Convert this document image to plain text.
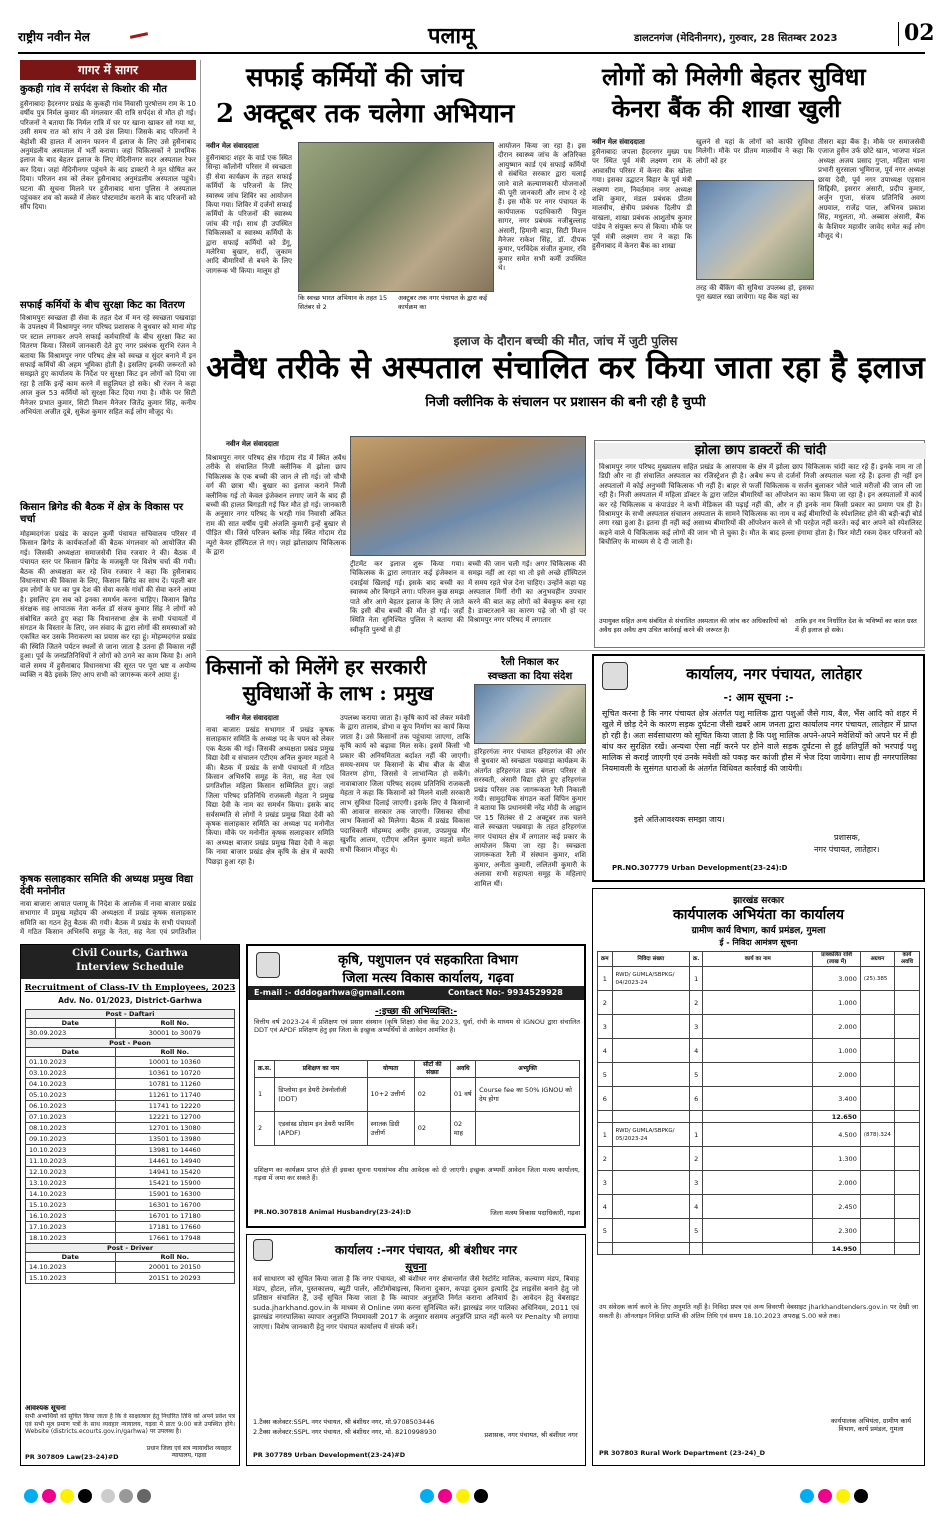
राष्ट्रीय नवीन मेल	पलामू	डालटनगंज (मेदिनीनगर), गुरुवार, 28 सितम्बर 2023	02
गागर में सागर
कुकही गांव में सर्पदंश से किशोर की मौत
हुसैनाबादः हैदरनगर प्रखंड के कुकही गांव निवासी पुरषोत्तम राम के 10 वर्षीय पुत्र निर्मल कुमार की मंगलवार की रात्रि सर्पदंश से मौत हो गई। परिजनों ने बताया कि निर्मल रात्रि में घर पर खाना खाकर सो गया था, उसी समय रात को सांप ने उसे डंस लिया। जिसके बाद परिजनों ने बेहोशी की हालत में आनन फानन में इलाज के लिए उसे हुसैनाबाद अनुमंडलीय अस्पताल में भर्ती कराया। जहां चिकित्सकों ने प्राथमिक इलाज के बाद बेहतर इलाज के लिए मेदिनीनगर सदर अस्पताल रेफर कर दिया। जहां मेदिनीनगर पहुंचने के बाद डाक्टरों ने मृत घोषित कर दिया। परिजन शव को लेकर हुसैनाबाद अनुमंडलीय अस्पताल पहुंचे। घटना की सूचना मिलने पर हुसैनाबाद थाना पुलिस ने अस्पताल पहुंचकर शव को कब्जे में लेकर पोस्टमार्टम कराने के बाद परिजनों को सौंप दिया।
सफाई कर्मियों के बीच सुरक्षा किट का वितरण
विश्रामपुरः स्वच्छता ही सेवा के तहत देश में मन रहे स्वच्छता पखवाड़ा के उपलक्ष्य में विश्रामपुर नगर परिषद प्रशासक ने बुधवार को माना मोड़ पर स्टाल लगाकर अपने सफाई कर्मचारियों के बीच सुरक्षा किट का वितरण किया। जिसमें जानकारी देते हुए नगर प्रबंधक सुरभि रंजन ने बताया कि विश्रामपुर नगर परिषद क्षेत्र को स्वच्छ व सुंदर बनाने में इन सफाई कर्मियों की अहम भूमिका होती है। इसलिए इनकी जरूरतों को समझते हुए कार्यालय के निर्देश पर सुरक्षा किट इन लोगों को दिया जा रहा है ताकि इन्हें काम करने में सहूलियत हो सके। श्री रंजन ने कहा आज कुल 53 कर्मियों को सुरक्षा किट दिया गया है। मौके पर सिटी मैनेजर प्रभात कुमार, सिटी मिशन मैनेजर जितेंद्र कुमार सिंह, कनीय अभियंता अजीत दूबे, सुकेश कुमार सहित कई लोग मौजूद थे।
किसान ब्रिगेड की बैठक में क्षेत्र के विकास पर चर्चा
मोहम्मदगंजः प्रखंड के कादल कुर्मी पंचायत सचिवालय परिसर में किसान ब्रिगेड के कार्यकर्ताओं की बैठक मंगलवार को आयोजित की गई। जिसकी अध्यक्षता समाजसेवी शिव रजवार ने की। बैठक में पंचायत स्तर पर किसान ब्रिगेड के मजबूती पर विशेष चर्चा की गयी। बैठक की अध्यक्षता कर रहे शिव रजवार ने कहा कि हुसैनाबाद विधानसभा की विकास के लिए, किसान ब्रिगेड का साथ दें। पहली बार हम लोगों के घर का पुत्र देश की सेवा करके गांवों की सेवा करने आया है। इसलिए हम सब को इनका समर्थन करना चाहिए। किसान ब्रिगेड संरक्षक सह आपातक नेता कर्नल डॉ संजय कुमार सिंह ने लोगों को संबोधित करते हुए कहा कि विधानसभा क्षेत्र के सभी पंचायतों में संगठन के विस्तार के लिए, जन संवाद के द्वारा लोगों की समस्याओं को एकत्रित कर उसके निराकरण का प्रयास कर रहा हूं। मोहम्मदगंज प्रखंड की स्थिति जितने पर्यटन स्थलों से जाना जाता है उतना ही विकास नहीं हुआ। पूर्व के जनप्रतिनिधियों ने लोगों को ठगने का काम किया है। आने वाले समय में हुसैनाबाद विधानसभा की सूरत पर पूरा भ्रष्ट व अयोग्य व्यक्ति न बैठे इसके लिए आप सभी को जागरूक करने आया हूं।
कृषक सलाहकार समिति की अध्यक्ष प्रमुख विद्या देवी मनोनीत
नावा बाजारः आयात पलामू के निदेश के आलोक में नावा बाजार प्रखंड सभागार में प्रमुख महोदय की अध्यक्षता में प्रखंड कृषक सलाहकार समिति का गठन हेतु बैठक की गयी। बैठक में प्रखंड के सभी पंचायतों में गठित किसान अभिरुचि समूह के नेता, सह नेता एवं प्रगतिशील
सफाई कर्मियों की जांच
2 अक्टूबर तक चलेगा अभियान
नवीन मेल संवाददाता
हुसैनाबादः शहर के वार्ड एक स्थित सिन्हा कॉलोनी परिसर में स्वच्छता ही सेवा कार्यक्रम के तहत सफाई कर्मियों के परिजनों के लिए स्वास्थ्य जांच शिविर का आयोजन किया गया। शिविर में दर्जनों सफाई कर्मियों के परिजनों की स्वास्थ्य जांच की गई। साथ ही उपस्थित चिकित्सकों व स्वास्थ्य कर्मियों के द्वारा सफाई कर्मियों को डेंगू, मलेरिया बुखार, सर्दी, जुकाम आदि बीमारियों से बचने के लिए जागरूक भी किया। मालूम हो
कि स्वच्छ भारत अभियान के तहत 15 सितंबर से 2
अक्टूबर तक नगर पंचायत के द्वारा कई कार्यक्रम का
आयोजन किया जा रहा है। इस दौरान स्वास्थ्य जांच के अतिरिक्त आयुष्मान कार्ड एवं सफाई कर्मियों से संबंधित सरकार द्वारा चलाई जाने वाले कल्याणकारी योजनाओं की पूरी जानकारी और लाभ दे रहे हैं। इस मौके पर नगर पंचायत के कार्यपालक पदाधिकारी विपुल सागर, नगर प्रबंधक नजीबुल्लाह अंसारी, हिमानी बाड़ा, सिटी मिशन मैनेजर राकेश सिंह, डॉ. दीपक कुमार, परविंदेक संजीत कुमार, रवि कुमार समेत सभी कर्मी उपस्थित थे।
लोगों को मिलेगी बेहतर सुविधा
केनरा बैंक की शाखा खुली
नवीन मेल संवाददाता
हुसैनाबादः जपला हैदरनगर मुख्य पथ पर स्थित पूर्व मंत्री लक्ष्मण राम के आवासीय परिसर में केनरा बैंक खोला गया। इसका उद्घाटन बिहार के पूर्व मंत्री लक्ष्मण राम, निवर्तमान नगर अध्यक्ष शशि कुमार, मंडल प्रबंधक प्रीतम मालवीय, क्षेत्रीय प्रबंधक दिलीप डी वाखला, शाखा प्रबंधक आशुतोष कुमार पांडेय ने संयुक्त रूप से किया। मौके पर पूर्व मंत्री लक्ष्मण राम ने कहा कि हुसैनाबाद में केनरा बैंक का शाखा
खुलने से यहां के लोगों को काफी सुविधा मिलेगी। मौके पर प्रीतम मालवीय ने कहा कि लोगों को हर
तरह की बैंकिंग की सुविधा उपलब्ध हो, इसका पूरा ख्याल रखा जायेगा। यह बैंक यहां का
तीसरा बड़ा बैंक है। मौके पर समाजसेवी एजाज हुसैन उर्फ छोटे खान, भाजपा मंडल अध्यक्ष अजय प्रसाद गुप्ता, महिला थाना प्रभारी सुरसाला भूमिराज, पूर्व नगर अध्यक्ष छाया देवी, पूर्व नगर उपाध्यक्ष एहसान सिद्दिकी, इसरार अंसारी, प्रदीप कुमार, अर्जुन गुप्ता, संजय प्रतिनिधि अवण अग्रवाल, राजेंद्र पाल, अभिनव प्रकाश सिंह, मधुलता, मो. अब्बास अंसारी, बैंक के कैशियर महावीर जावेद समेत कई लोग मौजूद थे।
इलाज के दौरान बच्ची की मौत, जांच में जुटी पुलिस
अवैध तरीके से अस्पताल संचालित कर किया जाता रहा है इलाज
निजी क्लीनिक के संचालन पर प्रशासन की बनी रही है चुप्पी
नवीन मेल संवाददाता
विश्रामपुरः नगर परिषद क्षेत्र गोदाम रोड में स्थित अवैध तरीके से संचालित निजी क्लीनिक में झोला छाप चिकित्सक के एक बच्ची की जान ले ली गई। जो चौथी वर्ग की छात्रा थी। बुखार का इलाज कराने निजी क्लीनिक गई तो केवल इंजेक्शन लगाए जाने के बाद ही बच्ची की हालत बिगड़ती गई फिर मौत हो गई। जानकारी के अनुसार नगर परिषद के भरही गांव निवासी अंकित राम की सात वर्षीय पुत्री अंजलि कुमारी इन्हें बुखार से पीड़ित थी। जिसे परिजन ब्लॉक मोड़ स्थित गोदाम रोड न्यूरो केयर हॉस्पिटल ले गए। जहां झोलाछाप चिकित्सक के द्वारा
ट्रीटमेंट कर इलाज शुरू किया गया। चिकित्सक के द्वारा लगातार कई इंजेक्शन व दवाईयां खिलाई गई। इसके बाद बच्ची का स्वास्थ्य और बिगड़ने लगा। परिजन कुछ समझ पाते और आगे बेहतर इलाज के लिए ले जाते कि इसी बीच बच्ची की मौत हो गई। जहाँ स्थिति नेता सुनिश्चित पुलिस ने बताया की स्वीकृति पुरुषों से ही
बच्ची की जान चली गई। अगर चिकित्सक की समझ नहीं आ रहा था तो इसे अच्छे हॉस्पिटल में समय रहते भेज देना चाहिए। उन्होंने कहा यह अस्पताल मिर्गी रोगी का अनुभवहीन उपचार करने की बात कह लोगों को बेवकूफ बना रहा है। डाक्टरआने का कारण पढ़े जो भी हो पर विश्रामपुर नगर परिषद में लगातार
झोला छाप डाक्टरों की चांदी
विश्रामपुर नगर परिषद मुख्यालय सहित प्रखंड के आसपास के क्षेत्र में झोला छाप चिकित्सक चांदी काट रहे हैं। इनके नाम ना तो डिग्री और ना ही संचालित अस्पताल का रजिस्ट्रेशन ही है। अबैध रूप से दर्जनों निजी अस्पताल चला रहे हैं। इतना ही नहीं इन अस्पतालों में कोई अनुभवी चिकित्सक भी नहीं है। बाहर से फर्जी चिकित्सक व सर्जन बुलाकर भोले भाले मरीजों की जान ली जा रही है। निजी अस्पताल में महिला डॉक्टर के द्वारा जटिल बीमारियों का ऑपरेशन का काम किया जा रहा है। इन अस्पतालों में कार्य कर रहे चिकित्सक व कंपाउंडर ने कभी मेडिकल की पढ़ाई नहीं की, और न ही इनके नाम किसी प्रकार का प्रमाण पत्र ही है। विश्रामपुर के सभी अस्पताल संचालन अस्पताल के सामने चिकित्सक का नाम व कई बीमारियों के स्पेशलिस्ट होने की बड़ी-बड़ी बोर्ड लगा रखा हुआ है। इतना ही नहीं कई असाध्य बीमारियों की ऑपरेशन करने से भी परहेज नहीं करते। कई बार अपने को स्पेशलिस्ट कहने वाले ये चिकित्सक कई लोगों की जान भी ले चुका है। मौत के बाद हल्ला हंगामा होता है। फिर मोटी रकम देकर परिजनों को बिचौलिए के माध्यम से दे दी जाती है।
उपायुक्त सहित अन्य संबंधित से संचालित अस्पताल की जांच कर अधिकारियों को अवैध इस अवैध क्षय उचित कार्रवाई करने की जरूरत है।
ताकि इन नव निर्धारित देश के भविष्यों का काल ग्रस्त में ही इलाज हो सके।
किसानों को मिलेंगे हर सरकारी
सुविधाओं के लाभ : प्रमुख
नवीन मेल संवाददाता
नावा बाजारः प्रखंड सभागार में प्रखंड कृषक सलाहकार समिति के अध्यक्ष पद के चयन को लेकर एक बैठक की गई। जिसकी अध्यक्षता प्रखंड प्रमुख विद्या देवी व संचालन एटीएम अनिल कुमार महतो ने की। बैठक में प्रखंड के सभी पंचायतों में गठित किसान अभिरुचि समूह के नेता, सह नेता एवं प्रगतिशील महिला किसान सम्मिलित हुए। जहां जिला परिषद प्रतिनिधि राजकली मेहता ने प्रमुख विद्या देवी के नाम का समर्थन किया। इसके बाद सर्वसम्मति से लोगों ने प्रखंड प्रमुख विद्या देवी को कृषक सलाहकार समिति का अध्यक्ष पद मनोनीत किया। मौके पर मनोनीत कृषक सलाहकार समिति का अध्यक्ष बाजार प्रखंड प्रमुख विद्या देवी ने कहा कि नावा बाजार प्रखंड क्षेत्र कृषि के क्षेत्र में काफी पिछड़ा हुआ रहा है।
उपलब्ध कराया जाता है। कृषि कार्य को लेकर मवेशी के द्वारा तालाब, डोभा व कूप निर्माण का कार्य किया जाता है। उसे किसानों तक पहुंचाया जाएगा, ताकि कृषि कार्य को बढ़ावा मिल सके। इसमें किसी भी प्रकार की अनियमितता बर्दाश्त नहीं की जाएगी। समय-समय पर किसानों के बीच बीज के बीज वितरण होगा, जिससे वे लाभान्वित हो सकेंगे। नावाबाजार जिला परिषद सदस्य प्रतिनिधि राजकली मेहता ने कहा कि किसानों को मिलने वाली सरकारी लाभ सुविधा दिलाई जाएगी। इसके लिए वे किसानों की आवाज सरकार तक जाएगी। जिसका सीधा लाभ किसानों को मिलेगा। बैठक में प्रखंड विकास पदाधिकारी मोहम्मद अमीर हमजा, उपप्रमुख मीर खुर्शीद आलम, एटीएम अनिल कुमार महतो समेत सभी किसान मौजूद थे।
रैली निकाल कर
स्वच्छता का दिया संदेश
हरिहरगंजः नगर पंचायत हरिहरगंज की ओर से बुधवार को स्वच्छता पखवाड़ा कार्यक्रम के अंतर्गत हरिहरगंज डाक बंगला परिसर से सरस्वती, अंसारी विद्या होते हुए हरिहरगंज प्रखंड परिसर तक जागरूकता रैली निकाली गयी। सामुदायिक संगठन कर्ता विपिन कुमार ने बताया कि प्रधानमंत्री नरेंद्र मोदी के आह्वान पर 15 सितंबर से 2 अक्टूबर तक चलने वाले स्वच्छता पखवाड़ा के तहत हरिहरगंज नगर पंचायत क्षेत्र में लगातार कई प्रकार के आयोजन किया जा रहा है। स्वच्छता जागरूकता रैली में संस्थान कुमार, शशि कुमार, अनीता कुमारी, ललितमी कुमारी के अलावा सभी सहायता समूह के महिलाएं शामिल थीं।
कार्यालय, नगर पंचायत, लातेहार
-: आम सूचना :-
सूचित करना है कि नगर पंचायत क्षेत्र अंतर्गत पशु मालिक द्वारा पशुओं जैसे गाय, बैल, भैंस आदि को शहर में खुले में छोड़ देने के कारण सड़क दुर्घटना जैसी खबरें आम जनता द्वारा कार्यालय नगर पंचायत, लातेहार में प्राप्त हो रही है। अतः सर्वसाधारण को सूचित किया जाता है कि पशु मालिक अपने-अपने मवेशियों को अपने घर में ही बांध कर सुरक्षित रखें। अन्यथा ऐसा नहीं करने पर होने वाले सड़क दुर्घटना से हुई क्षतिपूर्ति को भरपाई पशु मालिक से कराई जाएगी एवं उनके मवेशी को पकड़ कर कांजी हौस में भेज दिया जायेगा। साथ ही नगरपालिका नियमावली के सुसंगत धाराओं के अंतर्गत विधिवत कार्रवाई की जायेगी।
इसे अतिआवश्यक समझा जाय।
प्रशासक,
नगर पंचायत, लातेहार।
PR.NO.307779 Urban Development(23-24):D
झारखंड सरकार
कार्यपालक अभियंता का कार्यालय
ग्रामीण कार्य विभाग, कार्य प्रमंडल, गुमला
ई - निविदा आमंत्रण सूचना
क्रम	निविदा संख्या	क्र.	कार्य का नाम	प्राक्कलित राशि (लाख में)	अग्रधन	कार्य अवधि
1	RWD/ GUMLA/SBPKG/ 04/2023-24	1		3.000	(25).385	
2		2		1.000		
3		3		2.000		
4		4		1.000		
5		5		2.000		
6		6		3.400		
				12.650		
1	RWD/ GUMLA/SBPKG/ 05/2023-24	1		4.500	(878).324	
2		2		1.300		
3		3		2.000		
4		4		2.450		
5		5		2.300		
				14.950		
उप संवेदक कार्य करने के लिए अनुमति नहीं है। निविदा प्रपत्र एवं अन्य विवरणी वेबसाइट jharkhandtenders.gov.in पर देखी जा सकती है। ऑनलाइन निविदा प्राप्ति की अंतिम तिथि एवं समय 18.10.2023 अपराह्न 5.00 बजे तक।
कार्यपालक अभियंता, ग्रामीण कार्य विभाग, कार्य प्रमंडल, गुमला
PR 307803 Rural Work Department (23-24)_D
Civil Courts, Garhwa
Interview Schedule
Recruitment of Class-IV th Employees, 2023
Adv. No. 01/2023, District-Garhwa
Post - Daftari	
Date	Roll No.
30.09.2023	30001 to 30079
Post - Peon	
Date	Roll No.
01.10.2023	10001 to 10360
03.10.2023	10361 to 10720
04.10.2023	10781 to 11260
05.10.2023	11261 to 11740
06.10.2023	11741 to 12220
07.10.2023	12221 to 12700
08.10.2023	12701 to 13080
09.10.2023	13501 to 13980
10.10.2023	13981 to 14460
11.10.2023	14461 to 14940
12.10.2023	14941 to 15420
13.10.2023	15421 to 15900
14.10.2023	15901 to 16300
15.10.2023	16301 to 16700
16.10.2023	16701 to 17180
17.10.2023	17181 to 17660
18.10.2023	17661 to 17948
Post - Driver	
Date	Roll No.
14.10.2023	20001 to 20150
15.10.2023	20151 to 20293
आवश्यक सूचना
सभी अभ्यर्थियों को सूचित किया जाता है कि वे साक्षात्कार हेतु निर्धारित तिथि को अपने प्रवेश पत्र एवं सभी मूल प्रमाण पत्रों के साथ व्यवहार न्यायालय, गढ़वा में प्रातः 9:00 बजे उपस्थित होंगे। Website (districts.ecourts.gov.in/garhwa) पर उपलब्ध है।
प्रधान जिला एवं सत्र न्यायाधीश व्यवहार न्यायालय, गढ़वा
PR 307809 Law(23-24)#D
कृषि, पशुपालन एवं सहकारिता विभाग
जिला मत्स्य विकास कार्यालय, गढ़वा
E-mail :- dddogarhwa@gmail.com	Contact No:- 9934529928
-:इच्छा की अभिव्यक्ति:-
वित्तीय वर्ष 2023-24 में प्रशिक्षण एवं प्रसार संस्थान (कृषि शिक्षा) सेवा केंद्र 2023, धुर्वा, रांची के माध्यम से IGNOU द्वारा संचालित DDT एवं APDF प्रशिक्षण हेतु इस जिला के इच्छुक अभ्यर्थियों से आवेदन आमंत्रित है।
क्र.स.	प्रशिक्षण का नाम	योग्यता	सीटों की संख्या	अवधि	अभ्युक्ति
1	डिप्लोमा इन डेयरी टेक्नोलॉजी (DDT)	10+2 उत्तीर्ण	02	01 वर्ष	Course fee का 50% IGNOU को देय होगा
2	एडवांस्ड प्रोग्राम इन डेयरी फार्मिंग (APDF)	स्नातक डिग्री उत्तीर्ण	02	02 माह	
प्रशिक्षण का कार्यक्रम प्राप्त होते ही इसका सूचना यथासंभव शीघ्र आवेदक को दी जाएगी। इच्छुक अभ्यर्थी आवेदन जिला मत्स्य कार्यालय, गढ़वा में जमा कर सकते हैं।
PR.NO.307818 Animal Husbandry(23-24):D	जिला मत्स्य विकास पदाधिकारी, गढ़वा
कार्यालय :-नगर पंचायत, श्री बंशीधर नगर
सूचना
सर्व साधारण को सूचित किया जाता है कि नगर पंचायत, श्री बंशीधर नगर क्षेत्रान्तर्गत जैसे रेस्टोरेंट मालिक, कल्याण मंडप, बिवाह मंडप, होटल, लॉज, पुस्तकालय, ब्यूटी पार्लर, ऑटोमोबाइल्स, किराना दुकान, कपड़ा दुकान इत्यादि ट्रेड लाइसेंस बनाने हेतु जो प्रतिष्ठान संचालित हैं, उन्हें सूचित किया जाता है कि व्यापार अनुज्ञप्ति निर्गत कराना अनिवार्य है। आवेदन हेतु वेबसाइट suda.jharkhand.gov.in के माध्यम से Online जमा करना सुनिश्चित करें। झारखंड नगर पालिका अधिनियम, 2011 एवं झारखंड नगरपालिका व्यापार अनुज्ञप्ति नियमावली 2017 के अनुसार ससमय अनुज्ञप्ति प्राप्त नहीं करने पर Penalty भी लगाया जाएगा। विशेष जानकारी हेतु नगर पंचायत कार्यालय में संपर्क करें।
1.टैक्स कलेक्टर:SSPL नगर पंचायत, श्री बंशीधर नगर, मो.9708503446
2.टैक्स कलेक्टर:SSPL नगर पंचायत, श्री बंशीधर नगर, मो. 8210998930	प्रशासक, नगर पंचायत, श्री बंशीधर नगर
PR 307789 Urban Development(23-24)#D
